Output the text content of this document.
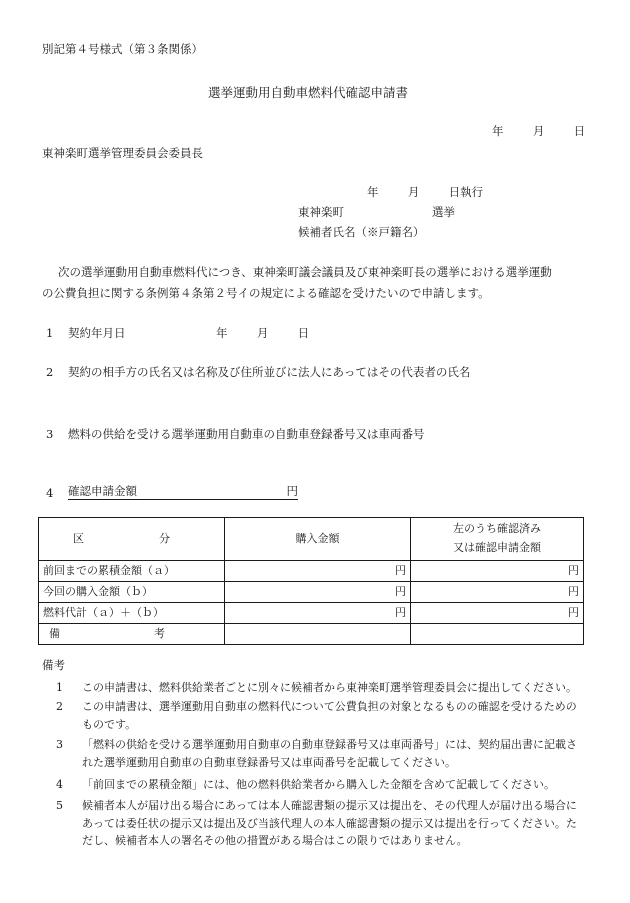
別記第４号様式（第３条関係）
選挙運動用自動車燃料代確認申請書
年	月	日
東神楽町選挙管理委員会委員長
年	月	日執行
東神楽町	選挙
候補者氏名（※戸籍名）
次の選挙運動用自動車燃料代につき、東神楽町議会議員及び東神楽町長の選挙における選挙運動
の公費負担に関する条例第４条第２号イの規定による確認を受けたいので申請します。
1 契約年月日	年	月	日
2 契約の相手方の氏名又は名称及び住所並びに法人にあってはその代表者の氏名
3 燃料の供給を受ける選挙運動用自動車の自動車登録番号又は車両番号
4 確認申請金額	円
区 分	購入金額	左のうち確認済み
又は確認申請金額
前回までの累積金額（ａ）	円	円
今回の購入金額（ｂ）	円	円
燃料代計（ａ）＋（ｂ）	円	円

備 考		

備考
1 この申請書は、燃料供給業者ごとに別々に候補者から東神楽町選挙管理委員会に提出してください。
2 この申請書は、選挙運動用自動車の燃料代について公費負担の対象となるものの確認を受けるためのものです。
3 「燃料の供給を受ける選挙運動用自動車の自動車登録番号又は車両番号」には、契約届出書に記載された選挙運動用自動車の自動車登録番号又は車両番号を記載してください。
4 「前回までの累積金額」には、他の燃料供給業者から購入した金額を含めて記載してください。
5 候補者本人が届け出る場合にあっては本人確認書類の提示又は提出を、その代理人が届け出る場合にあっては委任状の提示又は提出及び当該代理人の本人確認書類の提示又は提出を行ってください。ただし、候補者本人の署名その他の措置がある場合はこの限りではありません。
